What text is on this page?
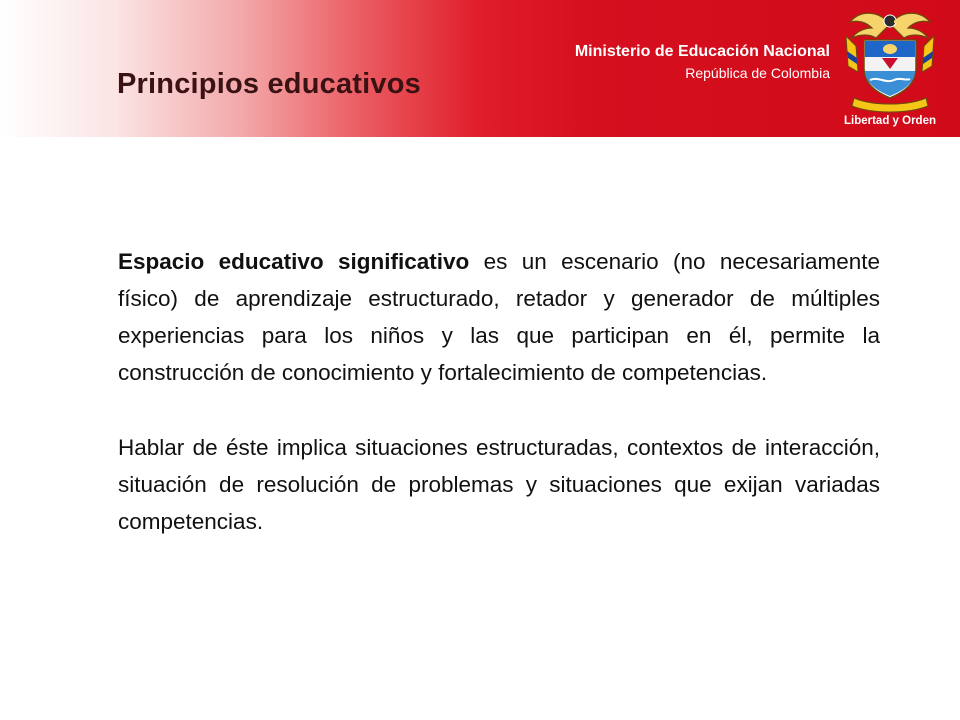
Principios educativos
Ministerio de Educación Nacional
República de Colombia
Libertad y Orden

Espacio educativo significativo es un escenario (no necesariamente físico) de aprendizaje estructurado, retador y generador de múltiples experiencias para los niños y las que participan en él, permite la construcción de conocimiento y fortalecimiento de competencias.

Hablar de éste implica situaciones estructuradas, contextos de interacción, situación de resolución de problemas y situaciones que exijan variadas competencias.
